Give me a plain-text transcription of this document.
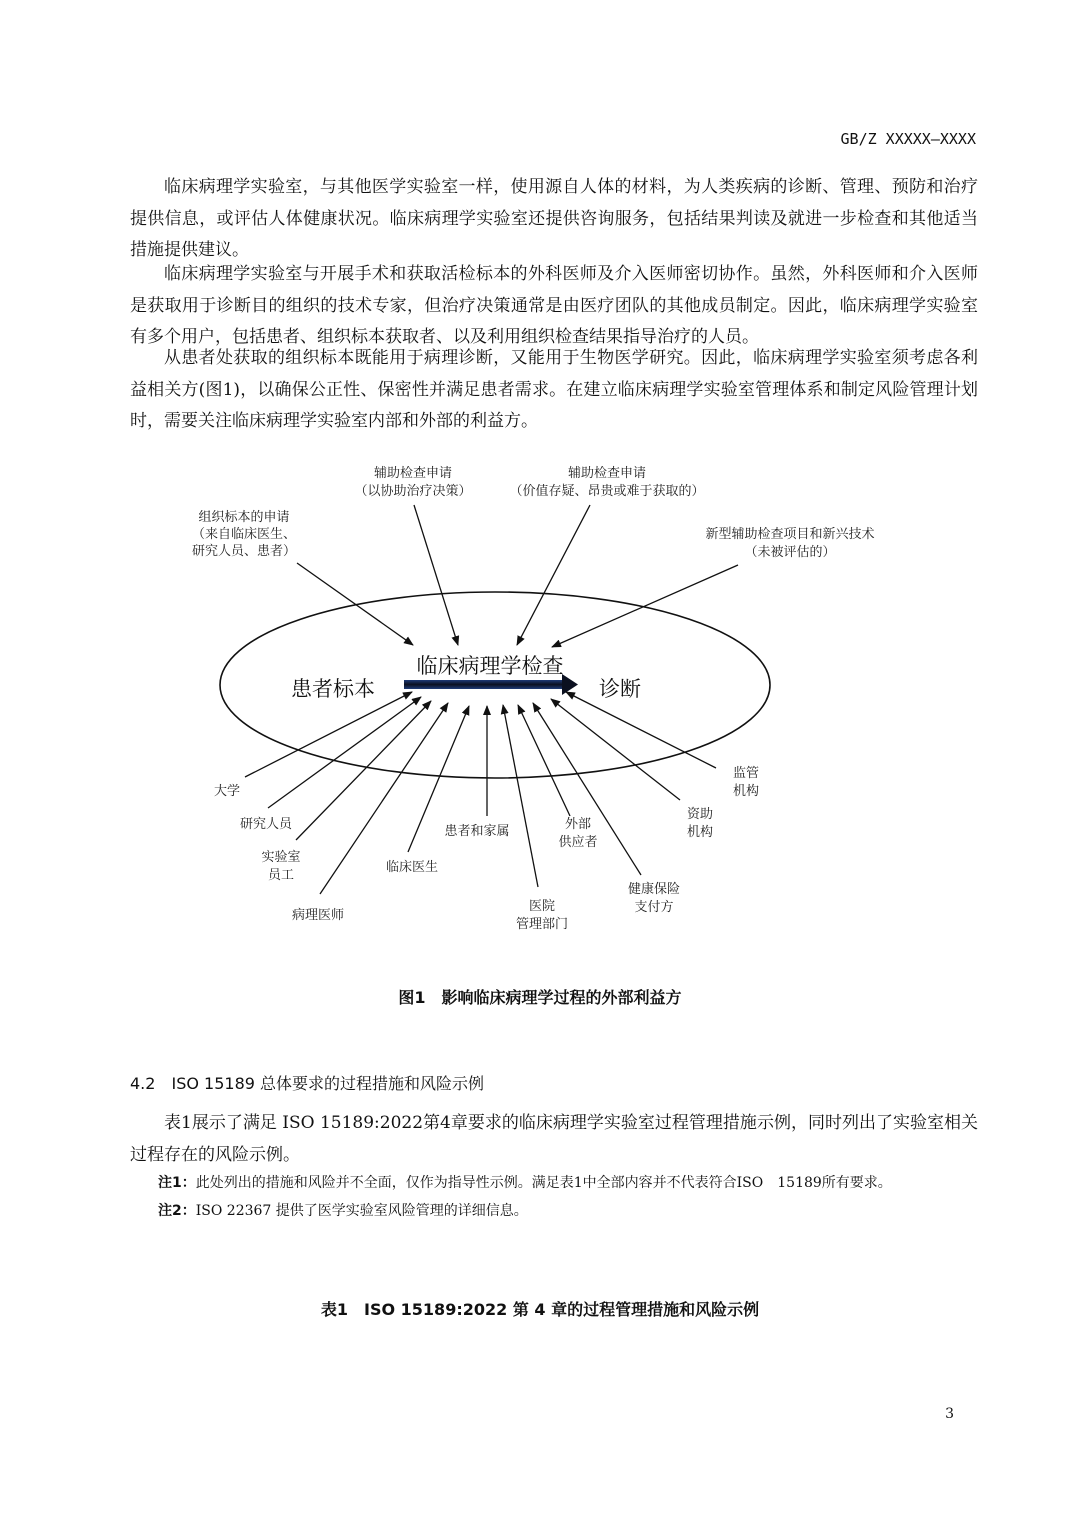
GB/Z XXXXX—XXXX

临床病理学实验室，与其他医学实验室一样，使用源自人体的材料，为人类疾病的诊断、管理、预防和治疗提供信息，或评估人体健康状况。临床病理学实验室还提供咨询服务，包括结果判读及就进一步检查和其他适当措施提供建议。

临床病理学实验室与开展手术和获取活检标本的外科医师及介入医师密切协作。虽然，外科医师和介入医师是获取用于诊断目的组织的技术专家，但治疗决策通常是由医疗团队的其他成员制定。因此，临床病理学实验室有多个用户，包括患者、组织标本获取者、以及利用组织检查结果指导治疗的人员。

从患者处获取的组织标本既能用于病理诊断，又能用于生物医学研究。因此，临床病理学实验室须考虑各利益相关方(图1)，以确保公正性、保密性并满足患者需求。在建立临床病理学实验室管理体系和制定风险管理计划时，需要关注临床病理学实验室内部和外部的利益方。

临床病理学检查
患者标本	诊断
组织标本的申请
（来自临床医生、
研究人员、患者）
辅助检查申请
（以协助治疗决策）
辅助检查申请
（价值存疑、昂贵或难于获取的）
新型辅助检查项目和新兴技术
（未被评估的）
大学
研究人员
实验室
员工
病理医师
临床医生
患者和家属
医院
管理部门
外部
供应者
健康保险
支付方
资助
机构
监管
机构
图1　影响临床病理学过程的外部利益方
4.2　 ISO 15189 总体要求的过程措施和风险示例

表1展示了满足 ISO 15189:2022第4章要求的临床病理学实验室过程管理措施示例，同时列出了实验室相关过程存在的风险示例。

注1：此处列出的措施和风险并不全面，仅作为指导性示例。满足表1中全部内容并不代表符合ISO　15189所有要求。
注2：ISO 22367 提供了医学实验室风险管理的详细信息。
表1　ISO 15189:2022 第 4 章的过程管理措施和风险示例
3
